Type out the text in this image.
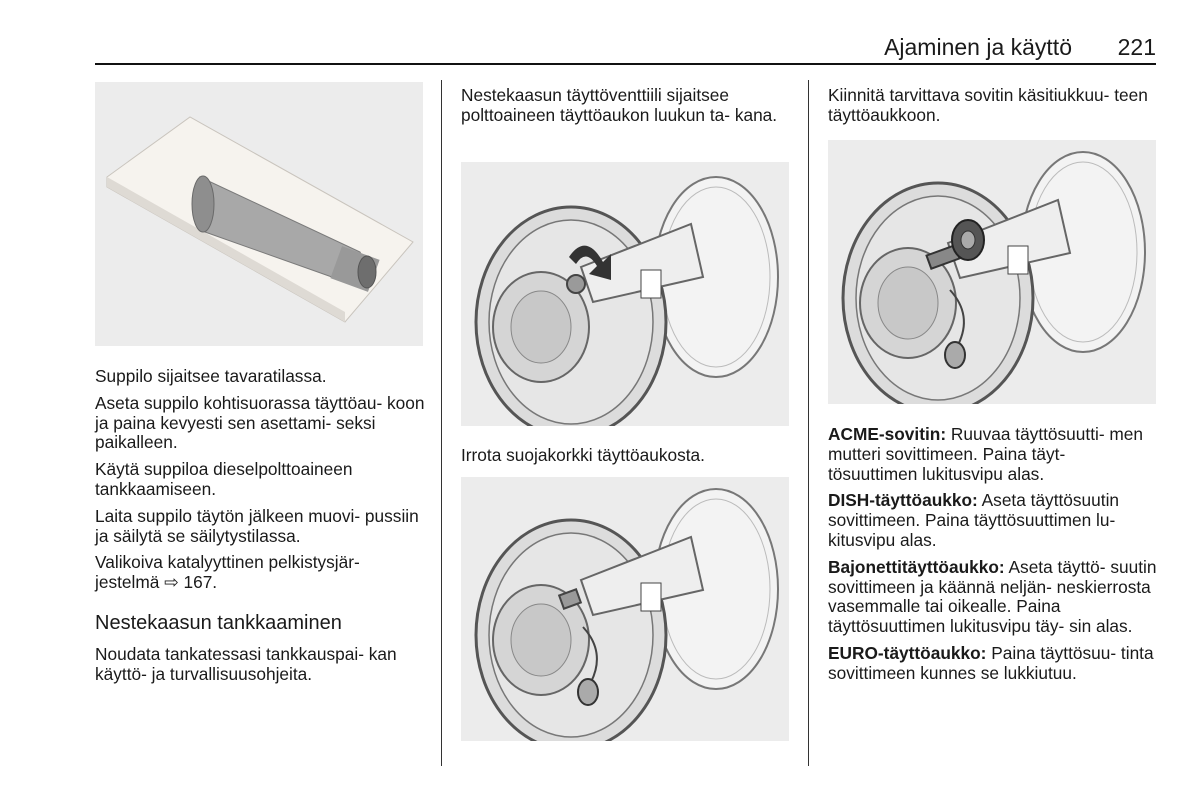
Ajaminen ja käyttö 221

Suppilo sijaitsee tavaratilassa.

Aseta suppilo kohtisuorassa täyttöau- koon ja paina kevyesti sen asettami- seksi paikalleen.

Käytä suppiloa dieselpolttoaineen tankkaamiseen.

Laita suppilo täytön jälkeen muovi- pussiin ja säilytä se säilytystilassa.

Valikoiva katalyyttinen pelkistysjär- jestelmä ⇨ 167.

Nestekaasun tankkaaminen

Noudata tankatessasi tankkauspai- kan käyttö- ja turvallisuusohjeita.

Nestekaasun täyttöventtiili sijaitsee polttoaineen täyttöaukon luukun ta- kana.

Irrota suojakorkki täyttöaukosta.

Kiinnitä tarvittava sovitin käsitiukkuu- teen täyttöaukkoon.

ACME-sovitin: Ruuvaa täyttösuutti- men mutteri sovittimeen. Paina täyt- tösuuttimen lukitusvipu alas.

DISH-täyttöaukko: Aseta täyttösuutin sovittimeen. Paina täyttösuuttimen lu- kitusvipu alas.

Bajonettitäyttöaukko: Aseta täyttö- suutin sovittimeen ja käännä neljän- neskierrosta vasemmalle tai oikealle. Paina täyttösuuttimen lukitusvipu täy- sin alas.

EURO-täyttöaukko: Paina täyttösuu- tinta sovittimeen kunnes se lukkiutuu.
